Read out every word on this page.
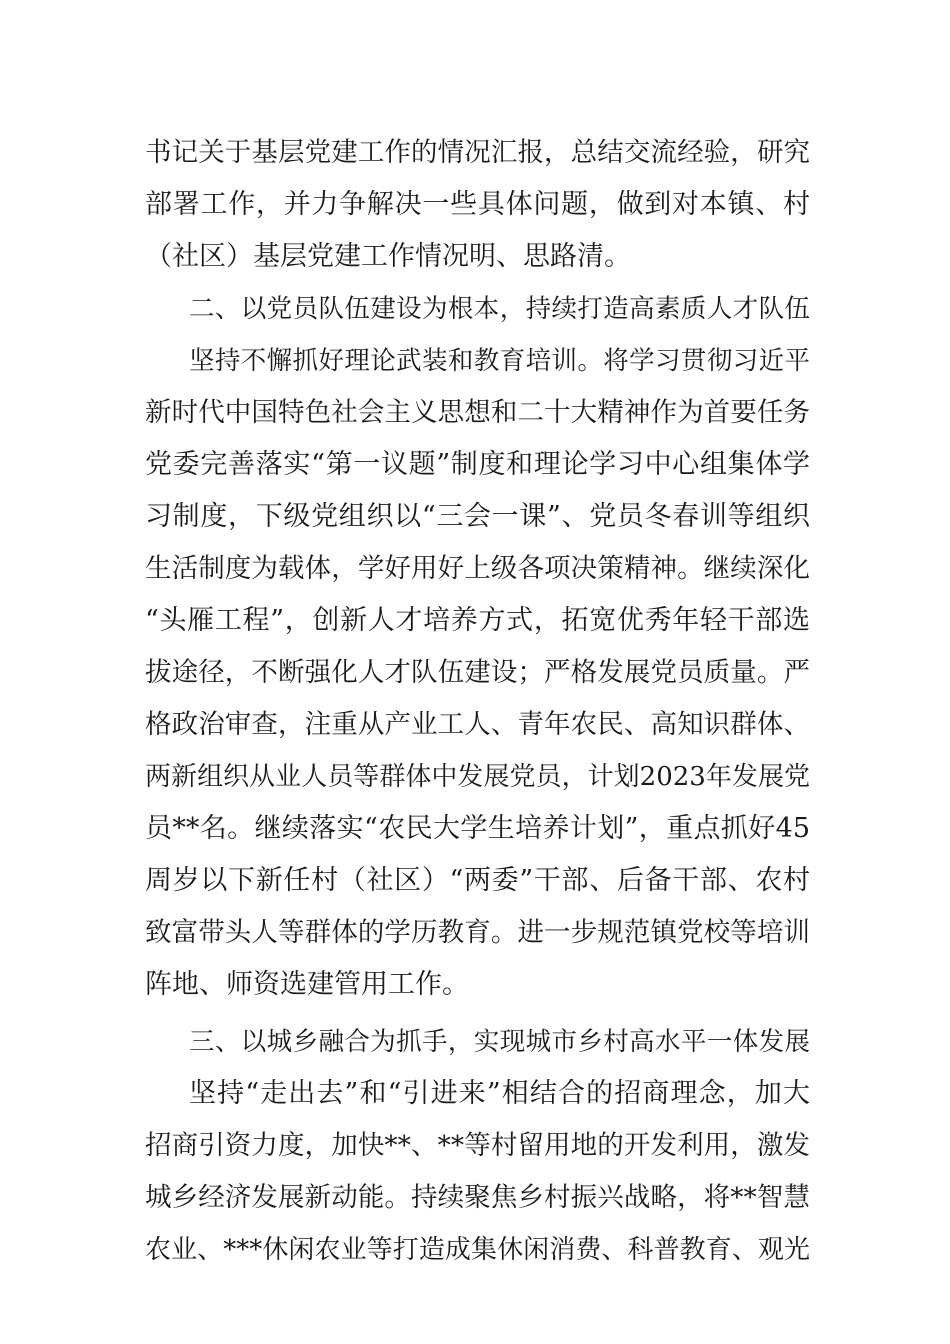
书记关于基层党建工作的情况汇报，总结交流经验，研究
部署工作，并力争解决一些具体问题，做到对本镇、村
（社区）基层党建工作情况明、思路清。
二、以党员队伍建设为根本，持续打造高素质人才队伍
坚持不懈抓好理论武装和教育培训。将学习贯彻习近平
新时代中国特色社会主义思想和二十大精神作为首要任务
党委完善落实“第一议题”制度和理论学习中心组集体学
习制度，下级党组织以“三会一课”、党员冬春训等组织
生活制度为载体，学好用好上级各项决策精神。继续深化
“头雁工程”，创新人才培养方式，拓宽优秀年轻干部选
拔途径，不断强化人才队伍建设；严格发展党员质量。严
格政治审查，注重从产业工人、青年农民、高知识群体、
两新组织从业人员等群体中发展党员，计划2023年发展党
员**名。继续落实“农民大学生培养计划”，重点抓好45
周岁以下新任村（社区）“两委”干部、后备干部、农村
致富带头人等群体的学历教育。进一步规范镇党校等培训
阵地、师资选建管用工作。
三、以城乡融合为抓手，实现城市乡村高水平一体发展
坚持“走出去”和“引进来”相结合的招商理念，加大
招商引资力度，加快**、**等村留用地的开发利用，激发
城乡经济发展新动能。持续聚焦乡村振兴战略，将**智慧
农业、***休闲农业等打造成集休闲消费、科普教育、观光
